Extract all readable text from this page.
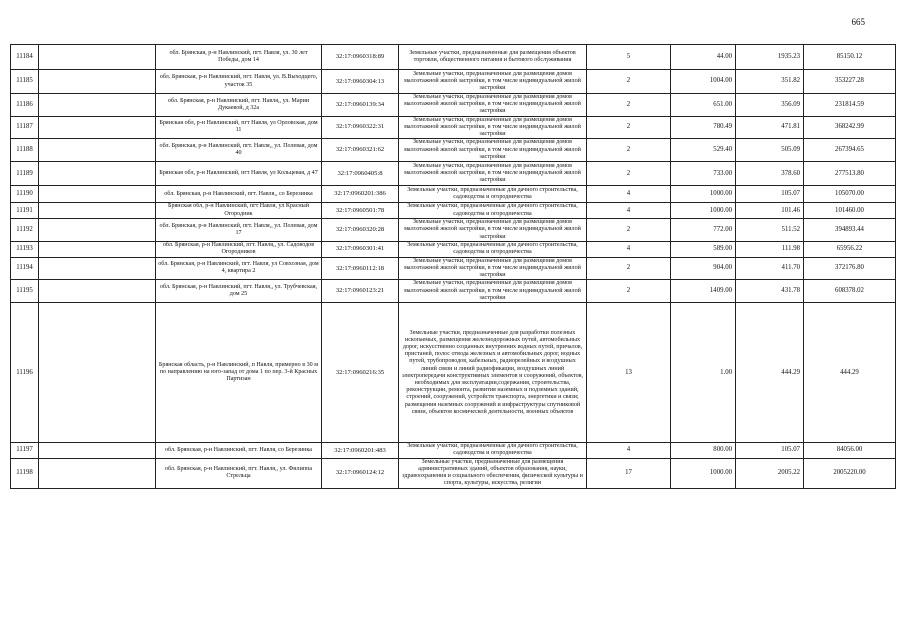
665
11184		обл. Брянская, р-н Навлинский, пгт. Навля, ул. 30 лет Победы, дом 14	32:17:0960318:89	Земельные участки, предназначенные для размещения объектов торговли, общественного питания и бытового обслуживания	5	44.00	1935.23	85150.12
11185		обл. Брянская, р-н Навлинский, пгт. Навля, ул. В.Выходцего, участок 35	32:17:0960304:13	Земельные участки, предназначенные для размещения домов малоэтажной жилой застройки, в том числе индивидуальной жилой застройки	2	1004.00	351.82	353227.28
11186		обл. Брянская, р-н Навлинский, пгт. Навля,, ул. Марии Дукаевой, д 32а	32:17:0960139:34	Земельные участки, предназначенные для размещения домов малоэтажной жилой застройки, в том числе индивидуальной жилой застройки	2	651.00	356.09	231814.59
11187		Брянская обл, р-н Навлинский, пгт Навля, ул Орловская, дом 11	32:17:0960322:31	Земельные участки, предназначенные для размещения домов малоэтажной жилой застройки, в том числе индивидуальной жилой застройки	2	780.49	471.81	368242.99
11188		обл. Брянская, р-н Навлинский, пгт. Навля,, ул. Полевая, дом 40	32:17:0960321:62	Земельные участки, предназначенные для размещения домов малоэтажной жилой застройки, в том числе индивидуальной жилой застройки	2	529.40	505.09	267394.65
11189		Брянская обл, р-н Навлинский, пгт Навля, ул Кольцевая, д 47	32:17:0960405:8	Земельные участки, предназначенные для размещения домов малоэтажной жилой застройки, в том числе индивидуальной жилой застройки	2	733.00	378.60	277513.80
11190		обл. Брянская, р-н Навлинский, пгт. Навля,, со Березинка	32:17:0960201:386	Земельные участки, предназначенные для дачного строительства, садоводства и огородничества	4	1000.00	105.07	105070.00
11191		Брянская обл, р-н Навлинский, пгт Навля, ул Красный Огородник	32:17:0960501:78	Земельные участки, предназначенные для дачного строительства, садоводства и огородничества	4	1000.00	101.46	101460.00
11192		обл. Брянская, р-н Навлинский, пгт. Навля,, ул. Полевая, дом 17	32:17:0960320:28	Земельные участки, предназначенные для размещения домов малоэтажной жилой застройки, в том числе индивидуальной жилой застройки	2	772.00	511.52	394893.44
11193		обл. Брянская, р-н Навлинский, пгт. Навля,, ул. Садоводов Огородников	32:17:0960301:41	Земельные участки, предназначенные для дачного строительства, садоводства и огородничества	4	589.00	111.98	65956.22
11194		обл. Брянская, р-н Навлинский, пгт. Навля, ул Совхозная, дом 4, квартира 2	32:17:0960112:18	Земельные участки, предназначенные для размещения домов малоэтажной жилой застройки, в том числе индивидуальной жилой застройки	2	904.00	411.70	372176.80
11195		обл. Брянская, р-н Навлинский, пгт. Навля,, ул. Трубчевская, дом 25	32:17:0960123:21	Земельные участки, предназначенные для размещения домов малоэтажной жилой застройки, в том числе индивидуальной жилой застройки	2	1409.00	431.78	608378.02
11196		Брянская область, р-н Навлинский, п Навля, примерно в 30 м по направлению на юго-запад от дома 1 по пер. 3-й Красных Партизан	32:17:0960216:35	Земельные участки, предназначенные для разработки полезных ископаемых, размещения железнодорожных путей, автомобильных дорог, искусственно созданных внутренних водных путей, причалов, пристаней, полос отвода железных и автомобильных дорог, водных путей, трубопроводов, кабельных, радиорелейных и воздушных линий связи и линий радиофикации, воздушных линий электропередачи конструктивных элементов и сооружений, объектов, необходимых для эксплуатации,содержания, строительства, реконструкции, ремонта, развития наземных и подземных зданий, строений, сооружений, устройств транспорта, энергетики и связи; размещения наземных сооружений и инфраструктуры спутниковой связи, объектов космической деятельности, военных объектов	13	1.00	444.29	444.29
11197		обл. Брянская, р-н Навлинский, пгт. Навля, со Березинка	32:17:0960201:483	Земельные участки, предназначенные для дачного строительства, садоводства и огородничества	4	800.00	105.07	84056.00
11198		обл. Брянская, р-н Навлинский, пгт. Навля,, ул. Филиппа Стрельца	32:17:0960124:12	Земельные участки, предназначенные для размещения административных зданий, объектов образования, науки, здравоохранения и социального обеспечения, физической культуры и спорта, культуры, искусства, религии	17	1000.00	2005.22	2005220.00
